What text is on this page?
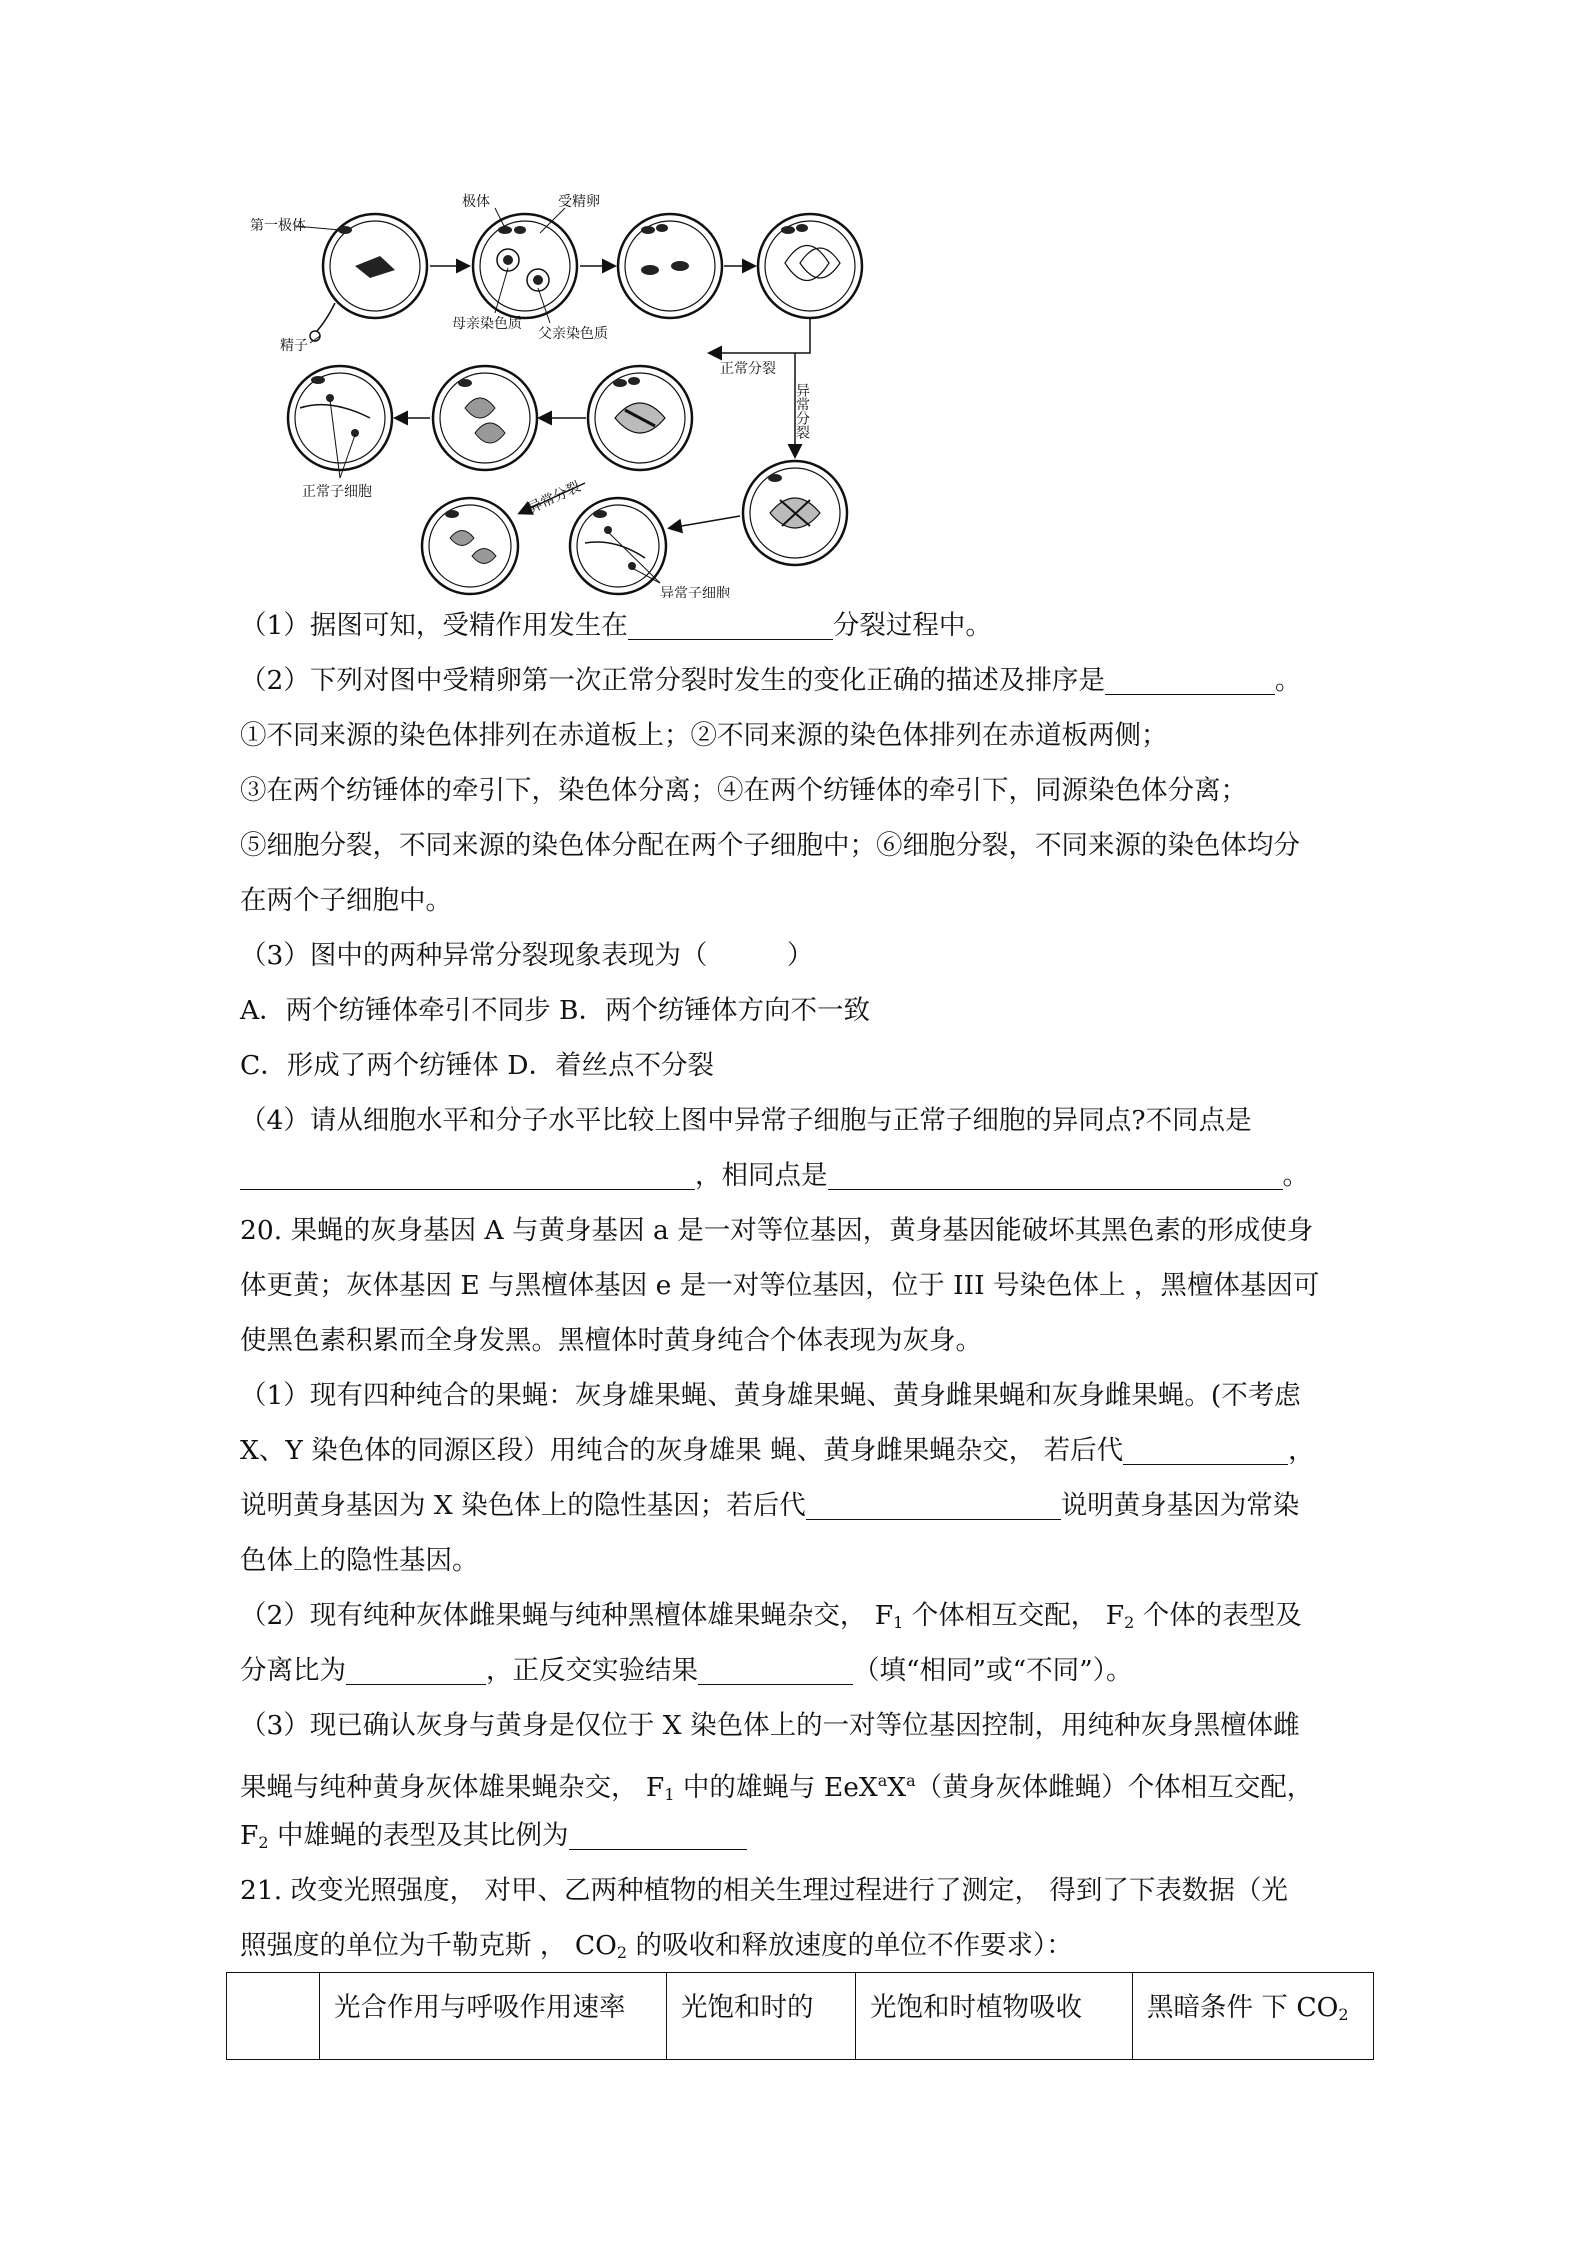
第一极体
精子
极体	受精卵
母亲染色质
父亲染色质
正常分裂
异常分裂
异常分裂
正常子细胞
异常子细胞
（1）据图可知，受精作用发生在	分裂过程中。
（2）下列对图中受精卵第一次正常分裂时发生的变化正确的描述及排序是	。
①不同来源的染色体排列在赤道板上；②不同来源的染色体排列在赤道板两侧；
③在两个纺锤体的牵引下，染色体分离；④在两个纺锤体的牵引下，同源染色体分离；
⑤细胞分裂，不同来源的染色体分配在两个子细胞中；⑥细胞分裂，不同来源的染色体均分
在两个子细胞中。
（3）图中的两种异常分裂现象表现为（　　　）
A．两个纺锤体牵引不同步 B．两个纺锤体方向不一致
C．形成了两个纺锤体 D．着丝点不分裂
（4）请从细胞水平和分子水平比较上图中异常子细胞与正常子细胞的异同点?不同点是
，相同点是	。
20. 果蝇的灰身基因 A 与黄身基因 a 是一对等位基因，黄身基因能破坏其黑色素的形成使身
体更黄；灰体基因 E 与黑檀体基因 e 是一对等位基因，位于 III 号染色体上 ，黑檀体基因可
使黑色素积累而全身发黑。黑檀体时黄身纯合个体表现为灰身。
（1）现有四种纯合的果蝇：灰身雄果蝇、黄身雄果蝇、黄身雌果蝇和灰身雌果蝇。(不考虑
X、Y 染色体的同源区段）用纯合的灰身雄果 蝇、黄身雌果蝇杂交， 若后代	，
说明黄身基因为 X 染色体上的隐性基因；若后代	说明黄身基因为常染
色体上的隐性基因。
（2）现有纯种灰体雌果蝇与纯种黑檀体雄果蝇杂交， $F_1$ 个体相互交配， $F_2$ 个体的表型及
分离比为	，正反交实验结果	（填“相同”或“不同”）。
（3）现已确认灰身与黄身是仅位于 X 染色体上的一对等位基因控制，用纯种灰身黑檀体雌
果蝇与纯种黄身灰体雄果蝇杂交， $F_1$ 中的雄蝇与 $EeX^aX^a$（黄身灰体雌蝇）个体相互交配，
$F_2$ 中雄蝇的表型及其比例为
21. 改变光照强度， 对甲、乙两种植物的相关生理过程进行了测定， 得到了下表数据（光
照强度的单位为千勒克斯 ， $CO_2$ 的吸收和释放速度的单位不作要求）：
	光合作用与呼吸作用速率	光饱和时的	光饱和时植物吸收	黑暗条件 下 $CO_2$
